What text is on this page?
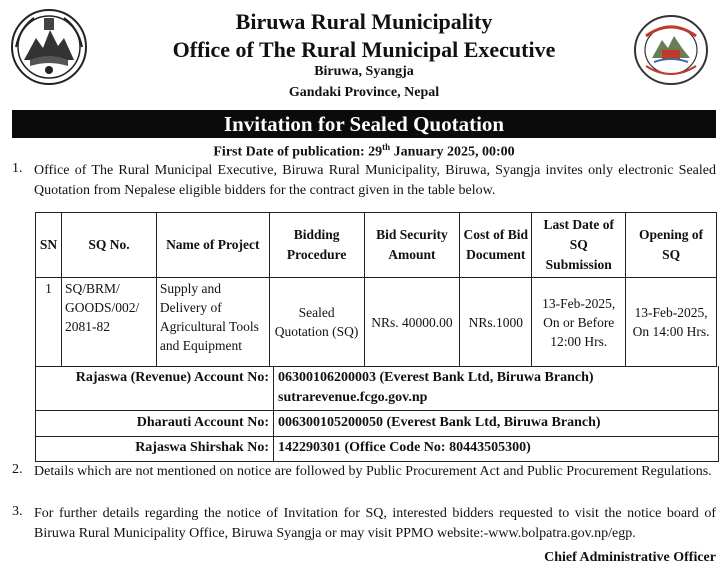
Biruwa Rural Municipality
Office of The Rural Municipal Executive
Biruwa, Syangja
Gandaki Province, Nepal
Invitation for Sealed Quotation
First Date of publication: 29th January 2025, 00:00
1. Office of The Rural Municipal Executive, Biruwa Rural Municipality, Biruwa, Syangja invites only electronic Sealed Quotation from Nepalese eligible bidders for the contract given in the table below.
SN	SQ No.	Name of Project	Bidding Procedure	Bid Security Amount	Cost of Bid Document	Last Date of SQ Submission	Opening of SQ
1	SQ/BRM/ GOODS/002/ 2081-82	Supply and Delivery of Agricultural Tools and Equipment	Sealed Quotation (SQ)	NRs. 40000.00	NRs.1000	13-Feb-2025, On or Before 12:00 Hrs.	13-Feb-2025, On 14:00 Hrs.
Rajaswa (Revenue) Account No: 06300106200003 (Everest Bank Ltd, Biruwa Branch)
sutrarevenue.fcgo.gov.np
Dharauti Account No: 006300105200050 (Everest Bank Ltd, Biruwa Branch)
Rajaswa Shirshak No: 142290301 (Office Code No: 80443505300)
2. Details which are not mentioned on notice are followed by Public Procurement Act and Public Procurement Regulations.
3. For further details regarding the notice of Invitation for SQ, interested bidders requested to visit the notice board of Biruwa Rural Municipality Office, Biruwa Syangja or may visit PPMO website:-www.bolpatra.gov.np/egp.
Chief Administrative Officer
